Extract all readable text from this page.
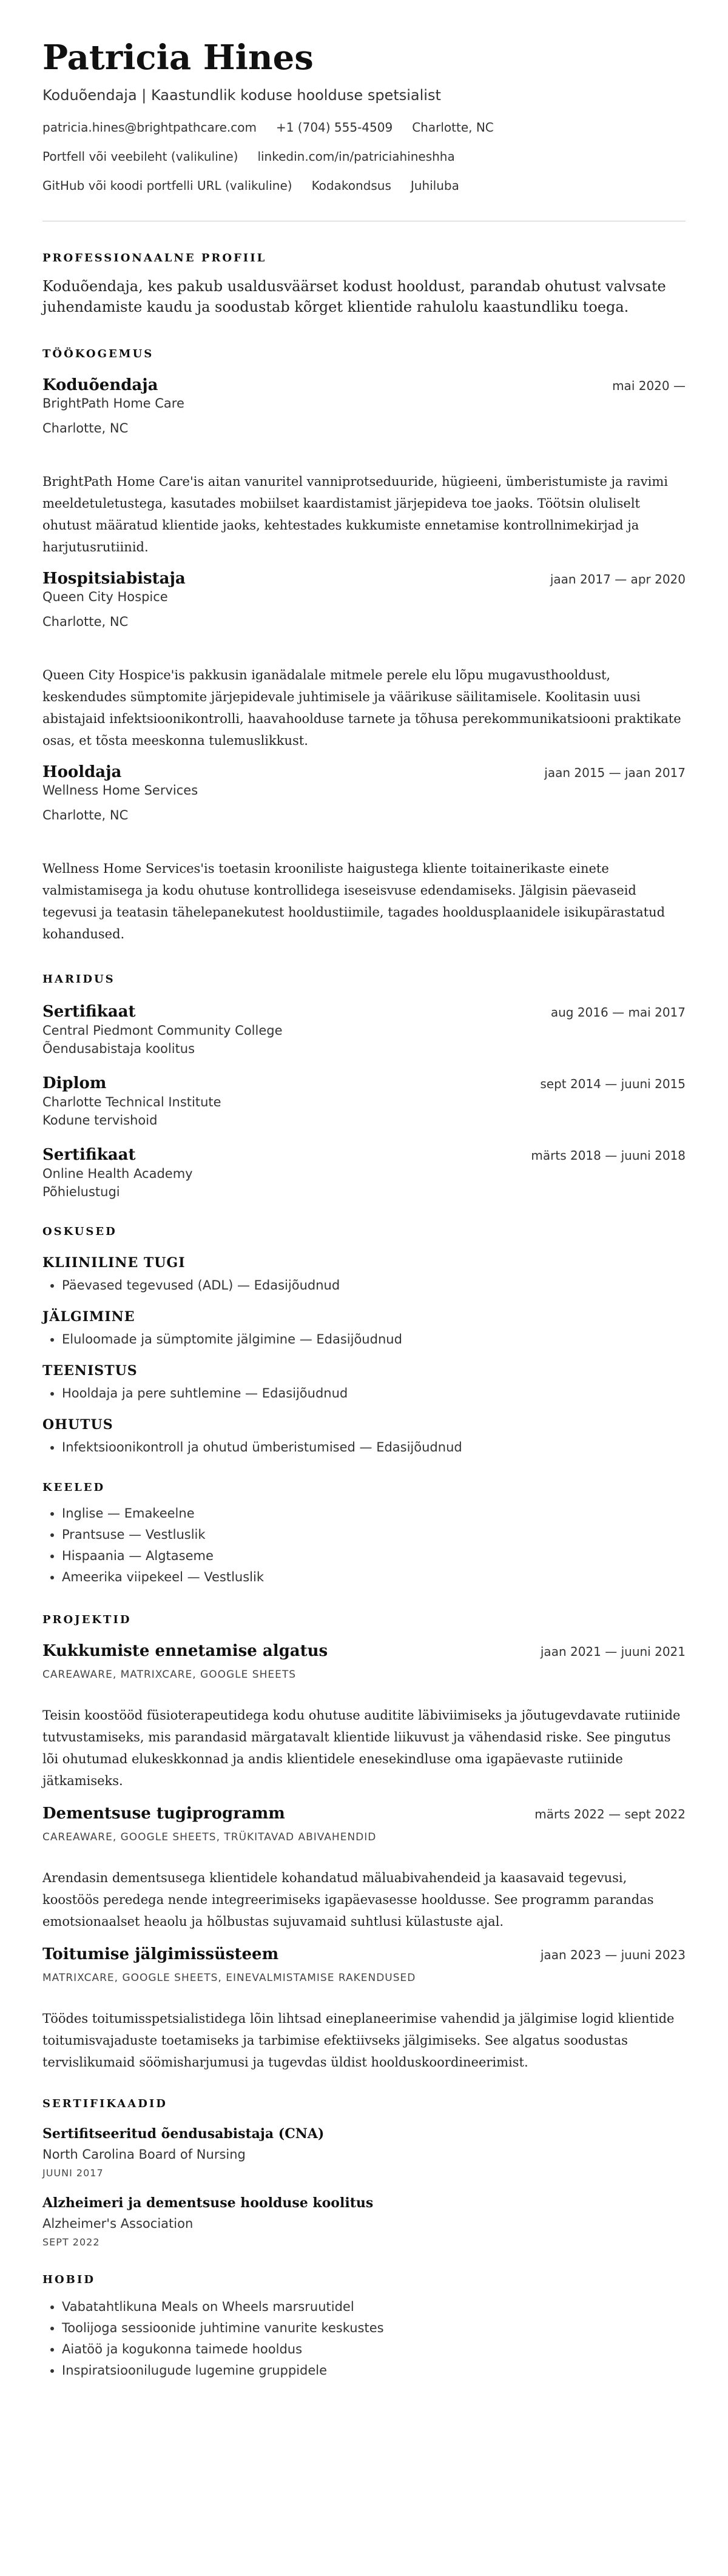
Patricia Hines
Koduõendaja | Kaastundlik koduse hoolduse spetsialist
patricia.hines@brightpathcare.com +1 (704) 555-4509 Charlotte, NC
Portfell või veebileht (valikuline) linkedin.com/in/patriciahineshha
GitHub või koodi portfelli URL (valikuline) Kodakondsus Juhiluba
PROFESSIONAALNE PROFIIL
Koduõendaja, kes pakub usaldusväärset kodust hooldust, parandab ohutust valvsate juhendamiste kaudu ja soodustab kõrget klientide rahulolu kaastundliku toega.
TÖÖKOGEMUS
Koduõendaja	mai 2020 —
BrightPath Home Care
Charlotte, NC
BrightPath Home Care'is aitan vanuritel vanniprotseduuride, hügieeni, ümberistumiste ja ravimi meeldetuletustega, kasutades mobiilset kaardistamist järjepideva toe jaoks. Töötsin oluliselt ohutust määratud klientide jaoks, kehtestades kukkumiste ennetamise kontrollnimekirjad ja harjutusrutiinid.
Hospitsiabistaja	jaan 2017 — apr 2020
Queen City Hospice
Charlotte, NC
Queen City Hospice'is pakkusin iganädalale mitmele perele elu lõpu mugavusthooldust, keskendudes sümptomite järjepidevale juhtimisele ja väärikuse säilitamisele. Koolitasin uusi abistajaid infektsioonikontrolli, haavahoolduse tarnete ja tõhusa perekommunikatsiooni praktikate osas, et tõsta meeskonna tulemuslikkust.
Hooldaja	jaan 2015 — jaan 2017
Wellness Home Services
Charlotte, NC
Wellness Home Services'is toetasin krooniliste haigustega kliente toitainerikaste einete valmistamisega ja kodu ohutuse kontrollidega iseseisvuse edendamiseks. Jälgisin päevaseid tegevusi ja teatasin tähelepanekutest hooldustiimile, tagades hooldusplaanidele isikupärastatud kohandused.
HARIDUS
Sertifikaat	aug 2016 — mai 2017
Central Piedmont Community College
Õendusabistaja koolitus
Diplom	sept 2014 — juuni 2015
Charlotte Technical Institute
Kodune tervishoid
Sertifikaat	märts 2018 — juuni 2018
Online Health Academy
Põhielustugi
OSKUSED
KLIINILINE TUGI
• Päevased tegevused (ADL) — Edasijõudnud
JÄLGIMINE
• Eluloomade ja sümptomite jälgimine — Edasijõudnud
TEENISTUS
• Hooldaja ja pere suhtlemine — Edasijõudnud
OHUTUS
• Infektsioonikontroll ja ohutud ümberistumised — Edasijõudnud
KEELED
• Inglise — Emakeelne
• Prantsuse — Vestluslik
• Hispaania — Algtaseme
• Ameerika viipekeel — Vestluslik
PROJEKTID
Kukkumiste ennetamise algatus	jaan 2021 — juuni 2021
CAREAWARE, MATRIXCARE, GOOGLE SHEETS
Teisin koostööd füsioterapeutidega kodu ohutuse auditite läbiviimiseks ja jõutugevdavate rutiinide tutvustamiseks, mis parandasid märgatavalt klientide liikuvust ja vähendasid riske. See pingutus lõi ohutumad elukeskkonnad ja andis klientidele enesekindluse oma igapäevaste rutiinide jätkamiseks.
Dementsuse tugiprogramm	märts 2022 — sept 2022
CAREAWARE, GOOGLE SHEETS, TRÜKITAVAD ABIVAHENDID
Arendasin dementsusega klientidele kohandatud mäluabivahendeid ja kaasavaid tegevusi, koostöös peredega nende integreerimiseks igapäevasesse hooldusse. See programm parandas emotsionaalset heaolu ja hõlbustas sujuvamaid suhtlusi külastuste ajal.
Toitumise jälgimissüsteem	jaan 2023 — juuni 2023
MATRIXCARE, GOOGLE SHEETS, EINEVALMISTAMISE RAKENDUSED
Töödes toitumisspetsialistidega lõin lihtsad eineplaneerimise vahendid ja jälgimise logid klientide toitumisvajaduste toetamiseks ja tarbimise efektiivseks jälgimiseks. See algatus soodustas tervislikumaid söömisharjumusi ja tugevdas üldist hoolduskoordineerimist.
SERTIFIKAADID
Sertifitseeritud õendusabistaja (CNA)
North Carolina Board of Nursing
JUUNI 2017
Alzheimeri ja dementsuse hoolduse koolitus
Alzheimer's Association
SEPT 2022
HOBID
• Vabatahtlikuna Meals on Wheels marsruutidel
• Toolijoga sessioonide juhtimine vanurite keskustes
• Aiatöö ja kogukonna taimede hooldus
• Inspiratsioonilugude lugemine gruppidele
